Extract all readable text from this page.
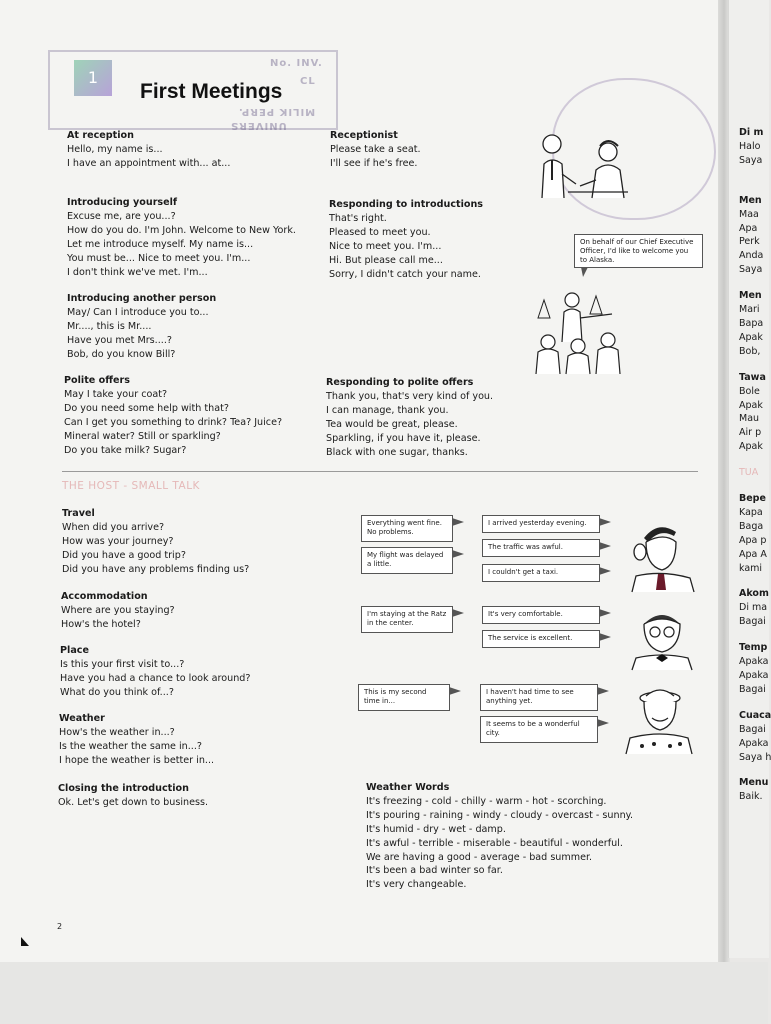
No. INV.
CL
MILIK PERP.
UNIVERS
1
First Meetings
At reception
Hello, my name is...
I have an appointment with... at...
Introducing yourself
Excuse me, are you...?
How do you do. I'm John. Welcome to New York.
Let me introduce myself. My name is...
You must be... Nice to meet you. I'm...
I don't think we've met. I'm...
Introducing another person
May/ Can I introduce you to...
Mr...., this is Mr....
Have you met Mrs....?
Bob, do you know Bill?
Polite offers
May I take your coat?
Do you need some help with that?
Can I get you something to drink? Tea? Juice?
Mineral water? Still or sparkling?
Do you take milk? Sugar?
Receptionist
Please take a seat.
I'll see if he's free.
Responding to introductions
That's right.
Pleased to meet you.
Nice to meet you. I'm...
Hi. But please call me...
Sorry, I didn't catch your name.
Responding to polite offers
Thank you, that's very kind of you.
I can manage, thank you.
Tea would be great, please.
Sparkling, if you have it, please.
Black with one sugar, thanks.
On behalf of our Chief Executive Officer, I'd like to welcome you to Alaska.
THE HOST - SMALL TALK
Travel
When did you arrive?
How was your journey?
Did you have a good trip?
Did you have any problems finding us?
Accommodation
Where are you staying?
How's the hotel?
Place
Is this your first visit to...?
Have you had a chance to look around?
What do you think of...?
Weather
How's the weather in...?
Is the weather the same in...?
I hope the weather is better in...
Closing the introduction
Ok. Let's get down to business.
Everything went fine. No problems.
My flight was delayed a little.
I arrived yesterday evening.
The traffic was awful.
I couldn't get a taxi.
I'm staying at the Ratz in the center.
It's very comfortable.
The service is excellent.
This is my second time in...
I haven't had time to see anything yet.
It seems to be a wonderful city.
Weather Words
It's freezing - cold - chilly - warm - hot - scorching.
It's pouring - raining - windy - cloudy - overcast - sunny.
It's humid - dry - wet - damp.
It's awful - terrible - miserable - beautiful - wonderful.
We are having a good - average - bad summer.
It's been a bad winter so far.
It's very changeable.
2
Di m
Halo
Saya
Men
Maa
Apa
Perk
Anda
Saya
Men
Mari
Bapa
Apak
Bob,
Tawa
Bole
Apak
Mau
Air p
Apak
TUA
Bepe
Kapa
Baga
Apa p
Apa A
kami
Akom
Di ma
Bagai
Temp
Apaka
Apaka
Bagai
Cuaca
Bagai
Apaka
Saya h
Menu
Baik.
